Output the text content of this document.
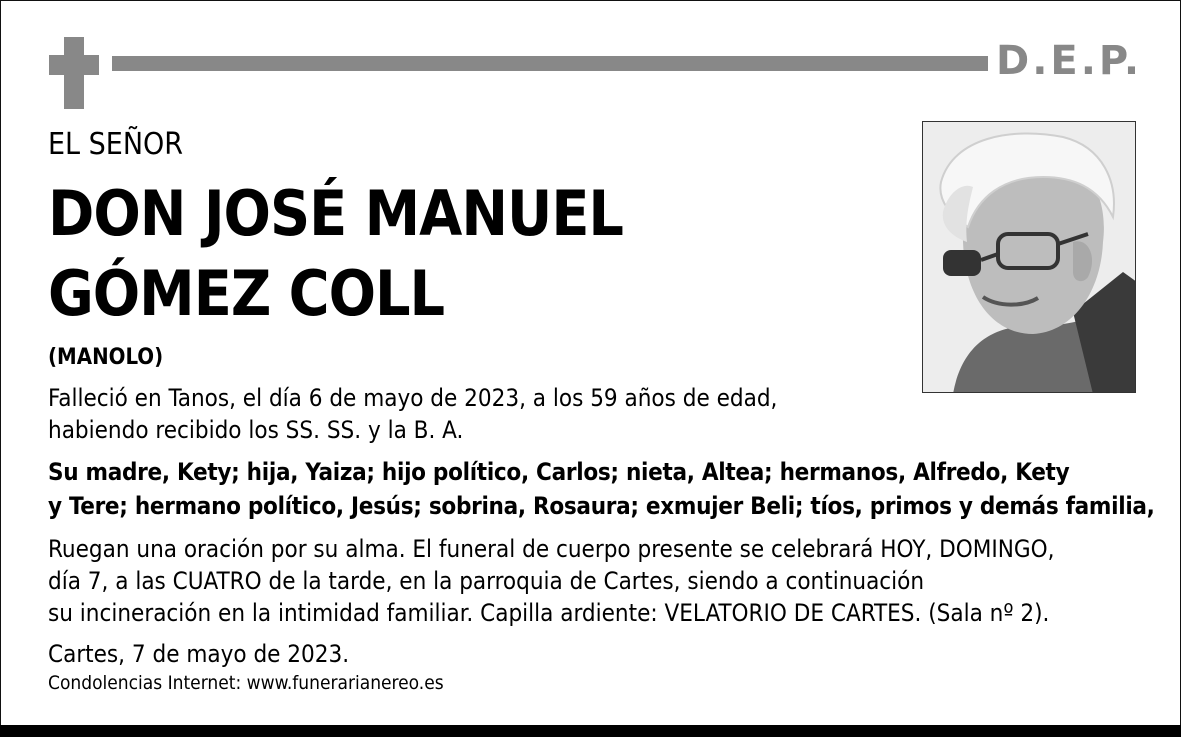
D.E.P.
EL SEÑOR
DON JOSÉ MANUEL
GÓMEZ COLL
(MANOLO)
Falleció en Tanos, el día 6 de mayo de 2023, a los 59 años de edad,
habiendo recibido los SS. SS. y la B. A.
Su madre, Kety; hija, Yaiza; hijo político, Carlos; nieta, Altea; hermanos, Alfredo, Kety
y Tere; hermano político, Jesús; sobrina, Rosaura; exmujer Beli; tíos, primos y demás familia,
Ruegan una oración por su alma. El funeral de cuerpo presente se celebrará HOY, DOMINGO,
día 7, a las CUATRO de la tarde, en la parroquia de Cartes, siendo a continuación
su incineración en la intimidad familiar. Capilla ardiente: VELATORIO DE CARTES. (Sala nº 2).
Cartes, 7 de mayo de 2023.
Condolencias Internet: www.funerarianereo.es
